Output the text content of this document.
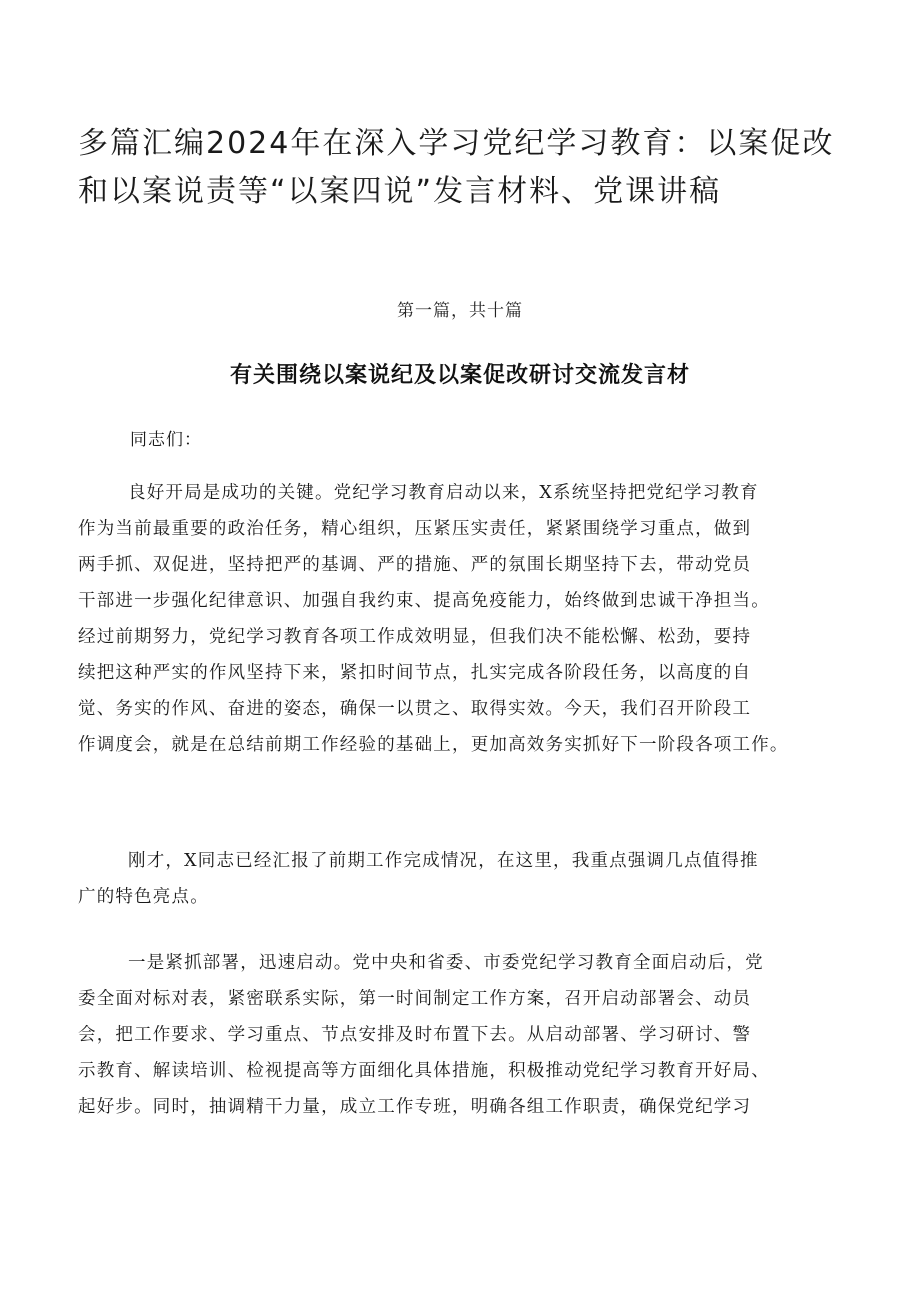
多篇汇编2024年在深入学习党纪学习教育：以案促改
和以案说责等“以案四说”发言材料、党课讲稿
第一篇，共十篇
有关围绕以案说纪及以案促改研讨交流发言材
同志们：
良好开局是成功的关键。党纪学习教育启动以来，X系统坚持把党纪学习教育
作为当前最重要的政治任务，精心组织，压紧压实责任，紧紧围绕学习重点，做到
两手抓、双促进，坚持把严的基调、严的措施、严的氛围长期坚持下去，带动党员
干部进一步强化纪律意识、加强自我约束、提高免疫能力，始终做到忠诚干净担当。
经过前期努力，党纪学习教育各项工作成效明显，但我们决不能松懈、松劲，要持
续把这种严实的作风坚持下来，紧扣时间节点，扎实完成各阶段任务，以高度的自
觉、务实的作风、奋进的姿态，确保一以贯之、取得实效。今天，我们召开阶段工
作调度会，就是在总结前期工作经验的基础上，更加高效务实抓好下一阶段各项工作。
刚才，X同志已经汇报了前期工作完成情况，在这里，我重点强调几点值得推
广的特色亮点。
一是紧抓部署，迅速启动。党中央和省委、市委党纪学习教育全面启动后，党
委全面对标对表，紧密联系实际，第一时间制定工作方案，召开启动部署会、动员
会，把工作要求、学习重点、节点安排及时布置下去。从启动部署、学习研讨、警
示教育、解读培训、检视提高等方面细化具体措施，积极推动党纪学习教育开好局、
起好步。同时，抽调精干力量，成立工作专班，明确各组工作职责，确保党纪学习
